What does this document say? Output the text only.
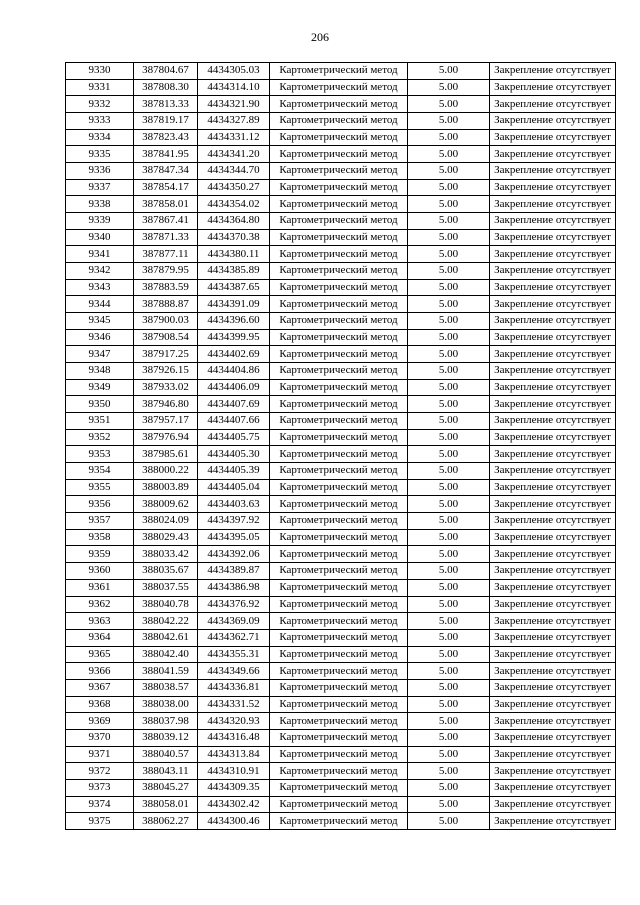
206
9330	387804.67	4434305.03	Картометрический метод	5.00	Закрепление отсутствует
9331	387808.30	4434314.10	Картометрический метод	5.00	Закрепление отсутствует
9332	387813.33	4434321.90	Картометрический метод	5.00	Закрепление отсутствует
9333	387819.17	4434327.89	Картометрический метод	5.00	Закрепление отсутствует
9334	387823.43	4434331.12	Картометрический метод	5.00	Закрепление отсутствует
9335	387841.95	4434341.20	Картометрический метод	5.00	Закрепление отсутствует
9336	387847.34	4434344.70	Картометрический метод	5.00	Закрепление отсутствует
9337	387854.17	4434350.27	Картометрический метод	5.00	Закрепление отсутствует
9338	387858.01	4434354.02	Картометрический метод	5.00	Закрепление отсутствует
9339	387867.41	4434364.80	Картометрический метод	5.00	Закрепление отсутствует
9340	387871.33	4434370.38	Картометрический метод	5.00	Закрепление отсутствует
9341	387877.11	4434380.11	Картометрический метод	5.00	Закрепление отсутствует
9342	387879.95	4434385.89	Картометрический метод	5.00	Закрепление отсутствует
9343	387883.59	4434387.65	Картометрический метод	5.00	Закрепление отсутствует
9344	387888.87	4434391.09	Картометрический метод	5.00	Закрепление отсутствует
9345	387900.03	4434396.60	Картометрический метод	5.00	Закрепление отсутствует
9346	387908.54	4434399.95	Картометрический метод	5.00	Закрепление отсутствует
9347	387917.25	4434402.69	Картометрический метод	5.00	Закрепление отсутствует
9348	387926.15	4434404.86	Картометрический метод	5.00	Закрепление отсутствует
9349	387933.02	4434406.09	Картометрический метод	5.00	Закрепление отсутствует
9350	387946.80	4434407.69	Картометрический метод	5.00	Закрепление отсутствует
9351	387957.17	4434407.66	Картометрический метод	5.00	Закрепление отсутствует
9352	387976.94	4434405.75	Картометрический метод	5.00	Закрепление отсутствует
9353	387985.61	4434405.30	Картометрический метод	5.00	Закрепление отсутствует
9354	388000.22	4434405.39	Картометрический метод	5.00	Закрепление отсутствует
9355	388003.89	4434405.04	Картометрический метод	5.00	Закрепление отсутствует
9356	388009.62	4434403.63	Картометрический метод	5.00	Закрепление отсутствует
9357	388024.09	4434397.92	Картометрический метод	5.00	Закрепление отсутствует
9358	388029.43	4434395.05	Картометрический метод	5.00	Закрепление отсутствует
9359	388033.42	4434392.06	Картометрический метод	5.00	Закрепление отсутствует
9360	388035.67	4434389.87	Картометрический метод	5.00	Закрепление отсутствует
9361	388037.55	4434386.98	Картометрический метод	5.00	Закрепление отсутствует
9362	388040.78	4434376.92	Картометрический метод	5.00	Закрепление отсутствует
9363	388042.22	4434369.09	Картометрический метод	5.00	Закрепление отсутствует
9364	388042.61	4434362.71	Картометрический метод	5.00	Закрепление отсутствует
9365	388042.40	4434355.31	Картометрический метод	5.00	Закрепление отсутствует
9366	388041.59	4434349.66	Картометрический метод	5.00	Закрепление отсутствует
9367	388038.57	4434336.81	Картометрический метод	5.00	Закрепление отсутствует
9368	388038.00	4434331.52	Картометрический метод	5.00	Закрепление отсутствует
9369	388037.98	4434320.93	Картометрический метод	5.00	Закрепление отсутствует
9370	388039.12	4434316.48	Картометрический метод	5.00	Закрепление отсутствует
9371	388040.57	4434313.84	Картометрический метод	5.00	Закрепление отсутствует
9372	388043.11	4434310.91	Картометрический метод	5.00	Закрепление отсутствует
9373	388045.27	4434309.35	Картометрический метод	5.00	Закрепление отсутствует
9374	388058.01	4434302.42	Картометрический метод	5.00	Закрепление отсутствует
9375	388062.27	4434300.46	Картометрический метод	5.00	Закрепление отсутствует
